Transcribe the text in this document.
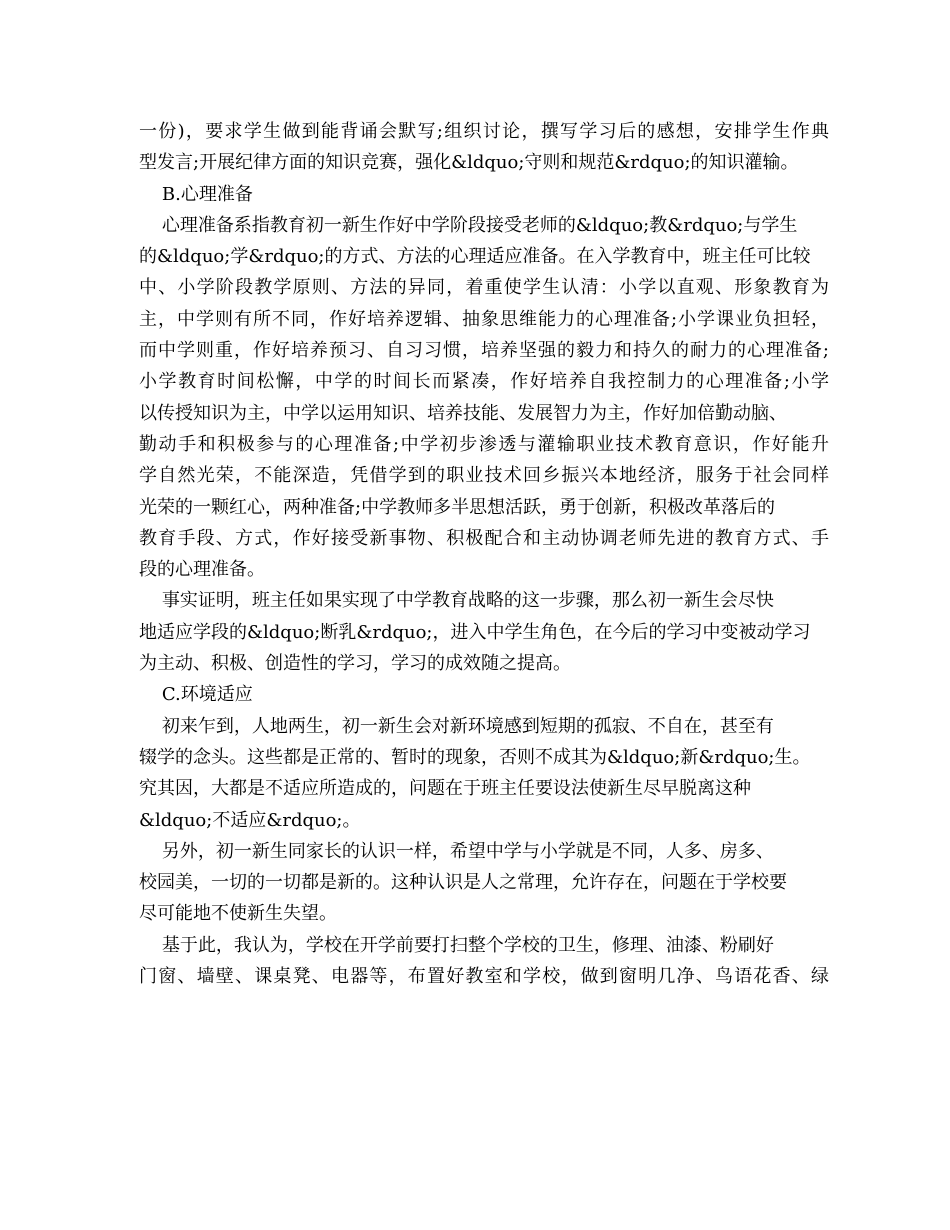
一份)，要求学生做到能背诵会默写;组织讨论，撰写学习后的感想，安排学生作典
型发言;开展纪律方面的知识竞赛，强化&ldquo;守则和规范&rdquo;的知识灌输。
B.心理准备
心理准备系指教育初一新生作好中学阶段接受老师的&ldquo;教&rdquo;与学生
的&ldquo;学&rdquo;的方式、方法的心理适应准备。在入学教育中，班主任可比较
中、小学阶段教学原则、方法的异同，着重使学生认清：小学以直观、形象教育为
主，中学则有所不同，作好培养逻辑、抽象思维能力的心理准备;小学课业负担轻，
而中学则重，作好培养预习、自习习惯，培养坚强的毅力和持久的耐力的心理准备;
小学教育时间松懈，中学的时间长而紧凑，作好培养自我控制力的心理准备;小学
以传授知识为主，中学以运用知识、培养技能、发展智力为主，作好加倍勤动脑、
勤动手和积极参与的心理准备;中学初步渗透与灌输职业技术教育意识，作好能升
学自然光荣，不能深造，凭借学到的职业技术回乡振兴本地经济，服务于社会同样
光荣的一颗红心，两种准备;中学教师多半思想活跃，勇于创新，积极改革落后的
教育手段、方式，作好接受新事物、积极配合和主动协调老师先进的教育方式、手
段的心理准备。
事实证明，班主任如果实现了中学教育战略的这一步骤，那么初一新生会尽快
地适应学段的&ldquo;断乳&rdquo;，进入中学生角色，在今后的学习中变被动学习
为主动、积极、创造性的学习，学习的成效随之提高。
C.环境适应
初来乍到，人地两生，初一新生会对新环境感到短期的孤寂、不自在，甚至有
辍学的念头。这些都是正常的、暂时的现象，否则不成其为&ldquo;新&rdquo;生。
究其因，大都是不适应所造成的，问题在于班主任要设法使新生尽早脱离这种
&ldquo;不适应&rdquo;。
另外，初一新生同家长的认识一样，希望中学与小学就是不同，人多、房多、
校园美，一切的一切都是新的。这种认识是人之常理，允许存在，问题在于学校要
尽可能地不使新生失望。
基于此，我认为，学校在开学前要打扫整个学校的卫生，修理、油漆、粉刷好
门窗、墙壁、课桌凳、电器等，布置好教室和学校，做到窗明几净、鸟语花香、绿
